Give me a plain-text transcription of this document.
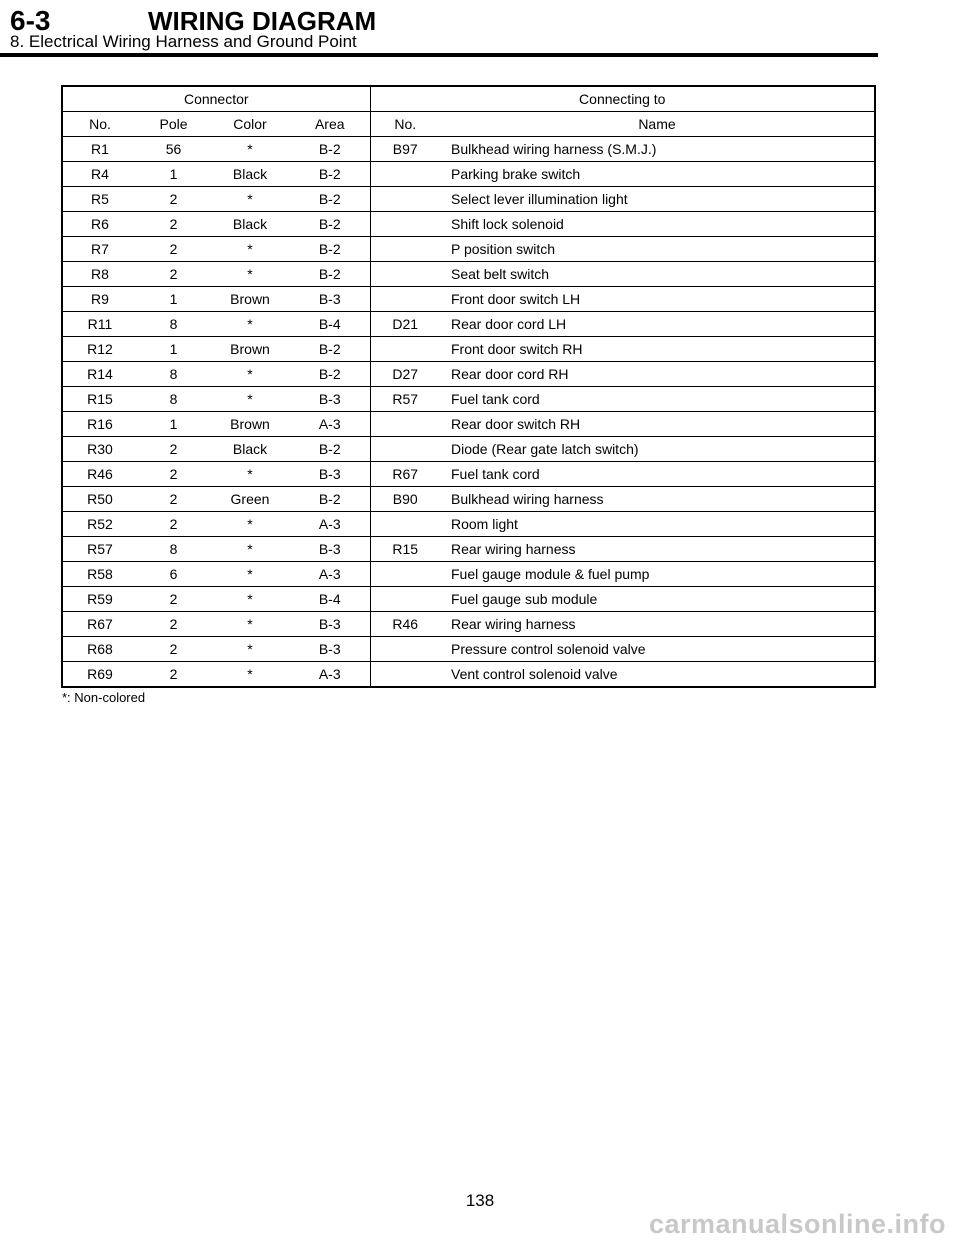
6-3	WIRING DIAGRAM
8. Electrical Wiring Harness and Ground Point
Connector				Connecting to	
No.	Pole	Color	Area	No.	Name
R1	56	*	B-2	B97	Bulkhead wiring harness (S.M.J.)
R4	1	Black	B-2		Parking brake switch
R5	2	*	B-2		Select lever illumination light
R6	2	Black	B-2		Shift lock solenoid
R7	2	*	B-2		P position switch
R8	2	*	B-2		Seat belt switch
R9	1	Brown	B-3		Front door switch LH
R11	8	*	B-4	D21	Rear door cord LH
R12	1	Brown	B-2		Front door switch RH
R14	8	*	B-2	D27	Rear door cord RH
R15	8	*	B-3	R57	Fuel tank cord
R16	1	Brown	A-3		Rear door switch RH
R30	2	Black	B-2		Diode (Rear gate latch switch)
R46	2	*	B-3	R67	Fuel tank cord
R50	2	Green	B-2	B90	Bulkhead wiring harness
R52	2	*	A-3		Room light
R57	8	*	B-3	R15	Rear wiring harness
R58	6	*	A-3		Fuel gauge module & fuel pump
R59	2	*	B-4		Fuel gauge sub module
R67	2	*	B-3	R46	Rear wiring harness
R68	2	*	B-3		Pressure control solenoid valve
R69	2	*	A-3		Vent control solenoid valve
*: Non-colored
138
carmanualsonline.info
